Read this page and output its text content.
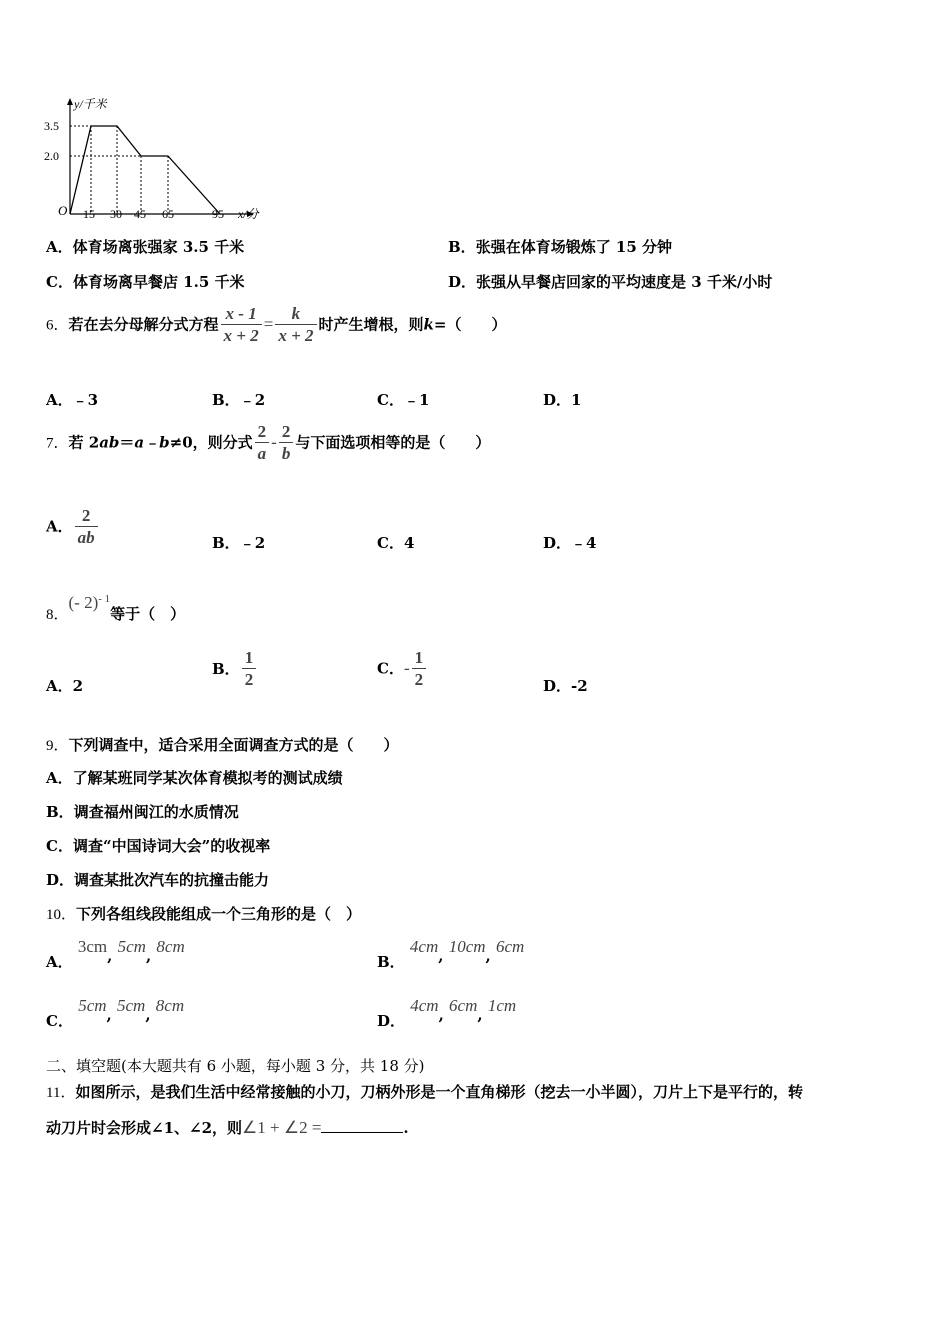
y/千米
x/分
O
3.5
2.0
15 30 45 65	95
A．体育场离张强家 3.5 千米	B．张强在体育场锻炼了 15 分钟
C．体育场离早餐店 1.5 千米	D．张强从早餐店回家的平均速度是 3 千米/小时
6．若在去分母解分式方程 $\frac{x - 1}{x + 2} = \frac{k}{x + 2}$ 时产生增根，则k=（　　）
A．﹣3	B．﹣2	C．﹣1	D．1
7．若 2ab＝a﹣b≠0，则分式 $\frac{2}{a} - \frac{2}{b}$ 与下面选项相等的是（　　）
A． $\frac{2}{ab}$	B．﹣2	C．4	D．﹣4
8．(- 2)$^{- 1}$等于（　）
A．2
B． $\frac{1}{2}$	C．- $\frac{1}{2}$	D．-2
9．下列调查中，适合采用全面调查方式的是（　　）
A．了解某班同学某次体育模拟考的测试成绩
B．调查福州闽江的水质情况
C．调查“中国诗词大会”的收视率
D．调查某批次汽车的抗撞击能力
10．下列各组线段能组成一个三角形的是（　）
A． 3cm, 5cm, 8cm
B． 4cm, 10cm, 6cm
C． 5cm, 5cm, 8cm
D． 4cm, 6cm, 1cm
二、填空题(本大题共有 6 小题，每小题 3 分，共 18 分)
11．如图所示，是我们生活中经常接触的小刀，刀柄外形是一个直角梯形（挖去一小半圆），刀片上下是平行的，转
动刀片时会形成∠1、∠2，则∠1 + ∠2 =	.
